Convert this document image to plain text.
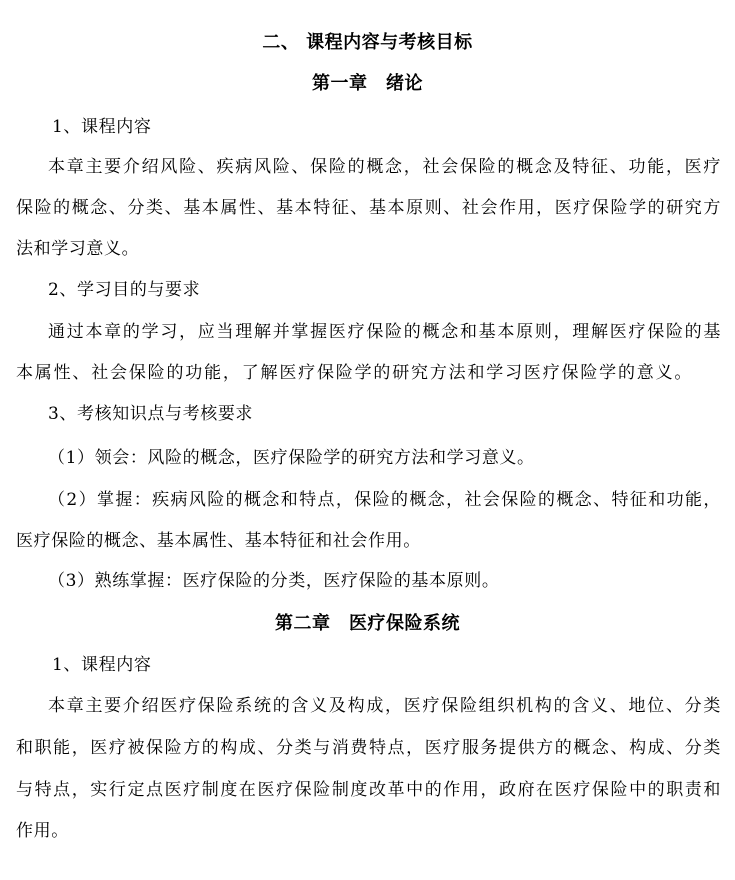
二、 课程内容与考核目标
第一章　绪论
1、课程内容
本章主要介绍风险、疾病风险、保险的概念，社会保险的概念及特征、功能，医疗
保险的概念、分类、基本属性、基本特征、基本原则、社会作用，医疗保险学的研究方
法和学习意义。
2、学习目的与要求
通过本章的学习，应当理解并掌握医疗保险的概念和基本原则，理解医疗保险的基
本属性、社会保险的功能，了解医疗保险学的研究方法和学习医疗保险学的意义。
3、考核知识点与考核要求
（1）领会：风险的概念，医疗保险学的研究方法和学习意义。
（2）掌握：疾病风险的概念和特点，保险的概念，社会保险的概念、特征和功能，
医疗保险的概念、基本属性、基本特征和社会作用。
（3）熟练掌握：医疗保险的分类，医疗保险的基本原则。
第二章　医疗保险系统
1、课程内容
本章主要介绍医疗保险系统的含义及构成，医疗保险组织机构的含义、地位、分类
和职能，医疗被保险方的构成、分类与消费特点，医疗服务提供方的概念、构成、分类
与特点，实行定点医疗制度在医疗保险制度改革中的作用，政府在医疗保险中的职责和
作用。
